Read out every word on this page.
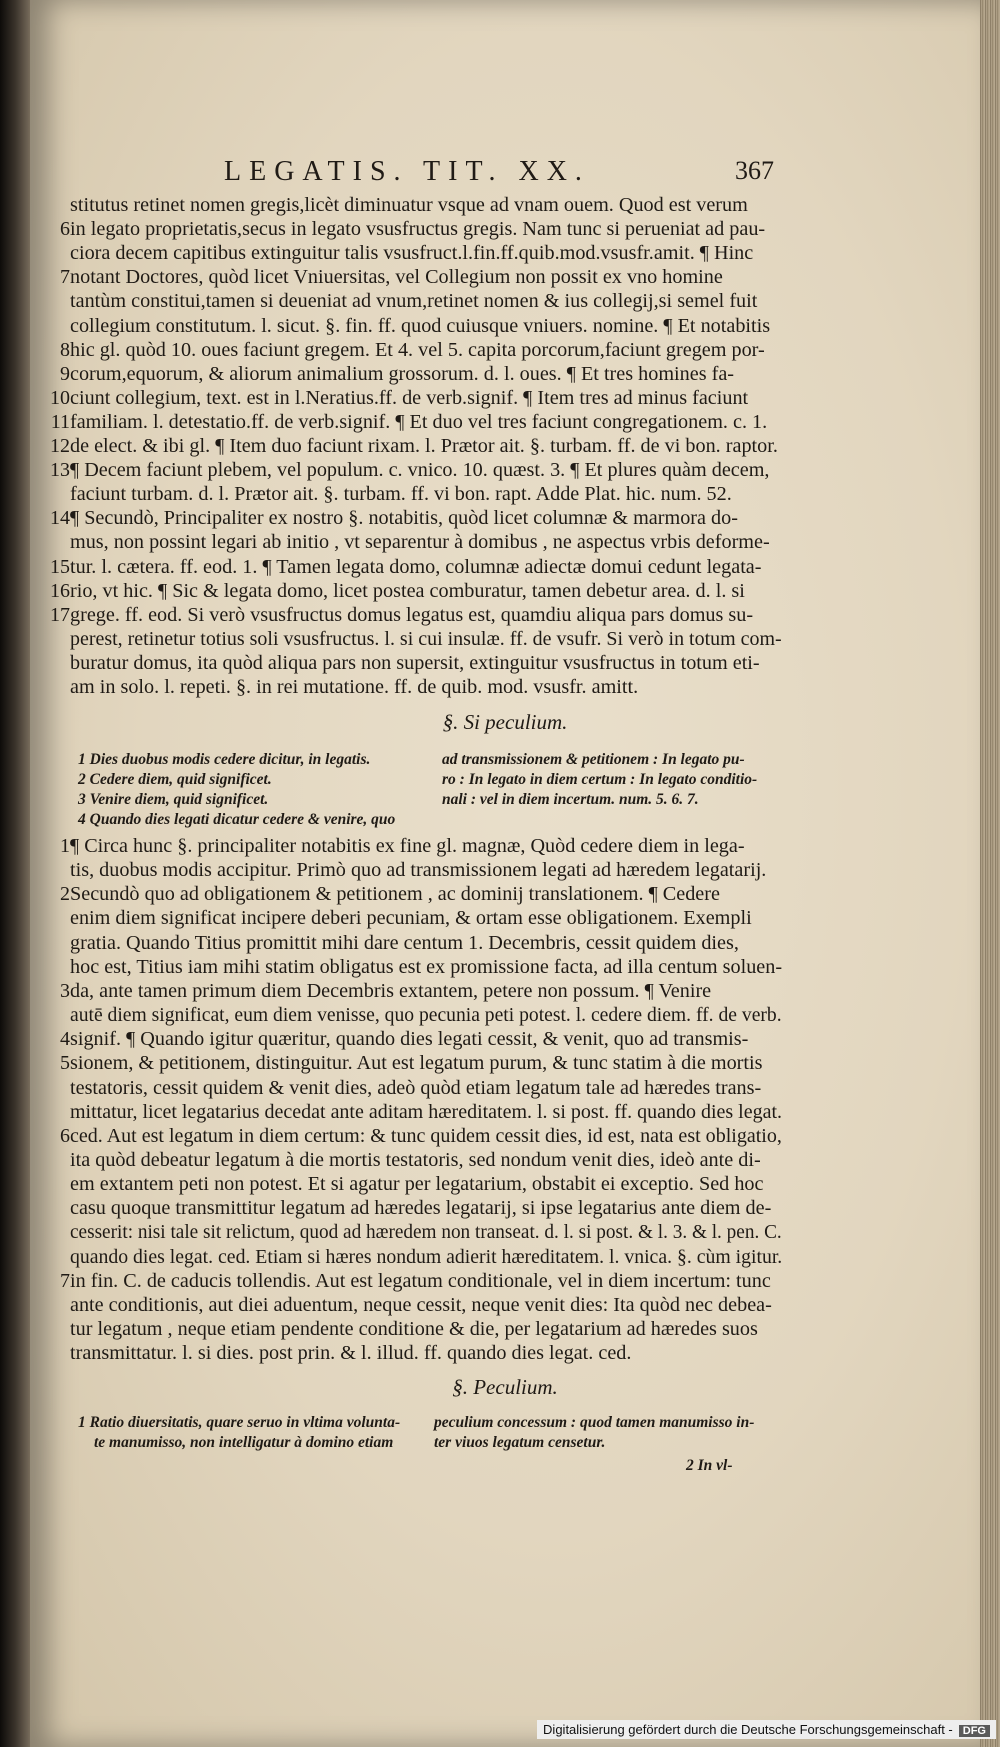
LEGATIS. TIT. XX.	367
stitutus retinet nomen gregis,licèt diminuatur vsque ad vnam ouem. Quod est verum
6 in legato proprietatis,secus in legato vsusfructus gregis. Nam tunc si perueniat ad pau-
ciora decem capitibus extinguitur talis vsusfruct.l.fin.ff.quib.mod.vsusfr.amit. ¶ Hinc
7 notant Doctores, quòd licet Vniuersitas, vel Collegium non possit ex vno homine
tantùm constitui,tamen si deueniat ad vnum,retinet nomen & ius collegij,si semel fuit
collegium constitutum. l. sicut. §. fin. ff. quod cuiusque vniuers. nomine. ¶ Et notabitis
8 hic gl. quòd 10. oues faciunt gregem. Et 4. vel 5. capita porcorum,faciunt gregem por-
9 corum,equorum, & aliorum animalium grossorum. d. l. oues. ¶ Et tres homines fa-
10 ciunt collegium, text. est in l.Neratius.ff. de verb.signif. ¶ Item tres ad minus faciunt
11 familiam. l. detestatio.ff. de verb.signif. ¶ Et duo vel tres faciunt congregationem. c. 1.
12 de elect. & ibi gl. ¶ Item duo faciunt rixam. l. Prætor ait. §. turbam. ff. de vi bon. raptor.
13 ¶ Decem faciunt plebem, vel populum. c. vnico. 10. quæst. 3. ¶ Et plures quàm decem,
faciunt turbam. d. l. Prætor ait. §. turbam. ff. vi bon. rapt. Adde Plat. hic. num. 52.
14 ¶ Secundò, Principaliter ex nostro §. notabitis, quòd licet columnæ & marmora do-
mus, non possint legari ab initio , vt separentur à domibus , ne aspectus vrbis deforme-
15 tur. l. cætera. ff. eod. 1. ¶ Tamen legata domo, columnæ adiectæ domui cedunt legata-
16 rio, vt hic. ¶ Sic & legata domo, licet postea comburatur, tamen debetur area. d. l. si
17 grege. ff. eod. Si verò vsusfructus domus legatus est, quamdiu aliqua pars domus su-
perest, retinetur totius soli vsusfructus. l. si cui insulæ. ff. de vsufr. Si verò in totum com-
buratur domus, ita quòd aliqua pars non supersit, extinguitur vsusfructus in totum eti-
am in solo. l. repeti. §. in rei mutatione. ff. de quib. mod. vsusfr. amitt.
§. Si peculium.
1 Dies duobus modis cedere dicitur, in legatis.
2 Cedere diem, quid significet.
3 Venire diem, quid significet.
4 Quando dies legati dicatur cedere & venire, quo
ad transmissionem & petitionem : In legato pu-
ro : In legato in diem certum : In legato conditio-
nali : vel in diem incertum. num. 5. 6. 7.
1 ¶ Circa hunc §. principaliter notabitis ex fine gl. magnæ, Quòd cedere diem in lega-
tis, duobus modis accipitur. Primò quo ad transmissionem legati ad hæredem legatarij.
2 Secundò quo ad obligationem & petitionem , ac dominij translationem. ¶ Cedere
enim diem significat incipere deberi pecuniam, & ortam esse obligationem. Exempli
gratia. Quando Titius promittit mihi dare centum 1. Decembris, cessit quidem dies,
hoc est, Titius iam mihi statim obligatus est ex promissione facta, ad illa centum soluen-
3 da, ante tamen primum diem Decembris extantem, petere non possum. ¶ Venire
autē diem significat, eum diem venisse, quo pecunia peti potest. l. cedere diem. ff. de verb.
4 signif. ¶ Quando igitur quæritur, quando dies legati cessit, & venit, quo ad transmis-
5 sionem, & petitionem, distinguitur. Aut est legatum purum, & tunc statim à die mortis
testatoris, cessit quidem & venit dies, adeò quòd etiam legatum tale ad hæredes trans-
mittatur, licet legatarius decedat ante aditam hæreditatem. l. si post. ff. quando dies legat.
6 ced. Aut est legatum in diem certum: & tunc quidem cessit dies, id est, nata est obligatio,
ita quòd debeatur legatum à die mortis testatoris, sed nondum venit dies, ideò ante di-
em extantem peti non potest. Et si agatur per legatarium, obstabit ei exceptio. Sed hoc
casu quoque transmittitur legatum ad hæredes legatarij, si ipse legatarius ante diem de-
cesserit: nisi tale sit relictum, quod ad hæredem non transeat. d. l. si post. & l. 3. & l. pen. C.
quando dies legat. ced. Etiam si hæres nondum adierit hæreditatem. l. vnica. §. cùm igitur.
7 in fin. C. de caducis tollendis. Aut est legatum conditionale, vel in diem incertum: tunc
ante conditionis, aut diei aduentum, neque cessit, neque venit dies: Ita quòd nec debea-
tur legatum , neque etiam pendente conditione & die, per legatarium ad hæredes suos
transmittatur. l. si dies. post prin. & l. illud. ff. quando dies legat. ced.
§. Peculium.
1 Ratio diuersitatis, quare seruo in vltima volunta-
te manumisso, non intelligatur à domino etiam
peculium concessum : quod tamen manumisso in-
ter viuos legatum censetur.
2 In vl-
Digitalisierung gefördert durch die Deutsche Forschungsgemeinschaft - DFG
